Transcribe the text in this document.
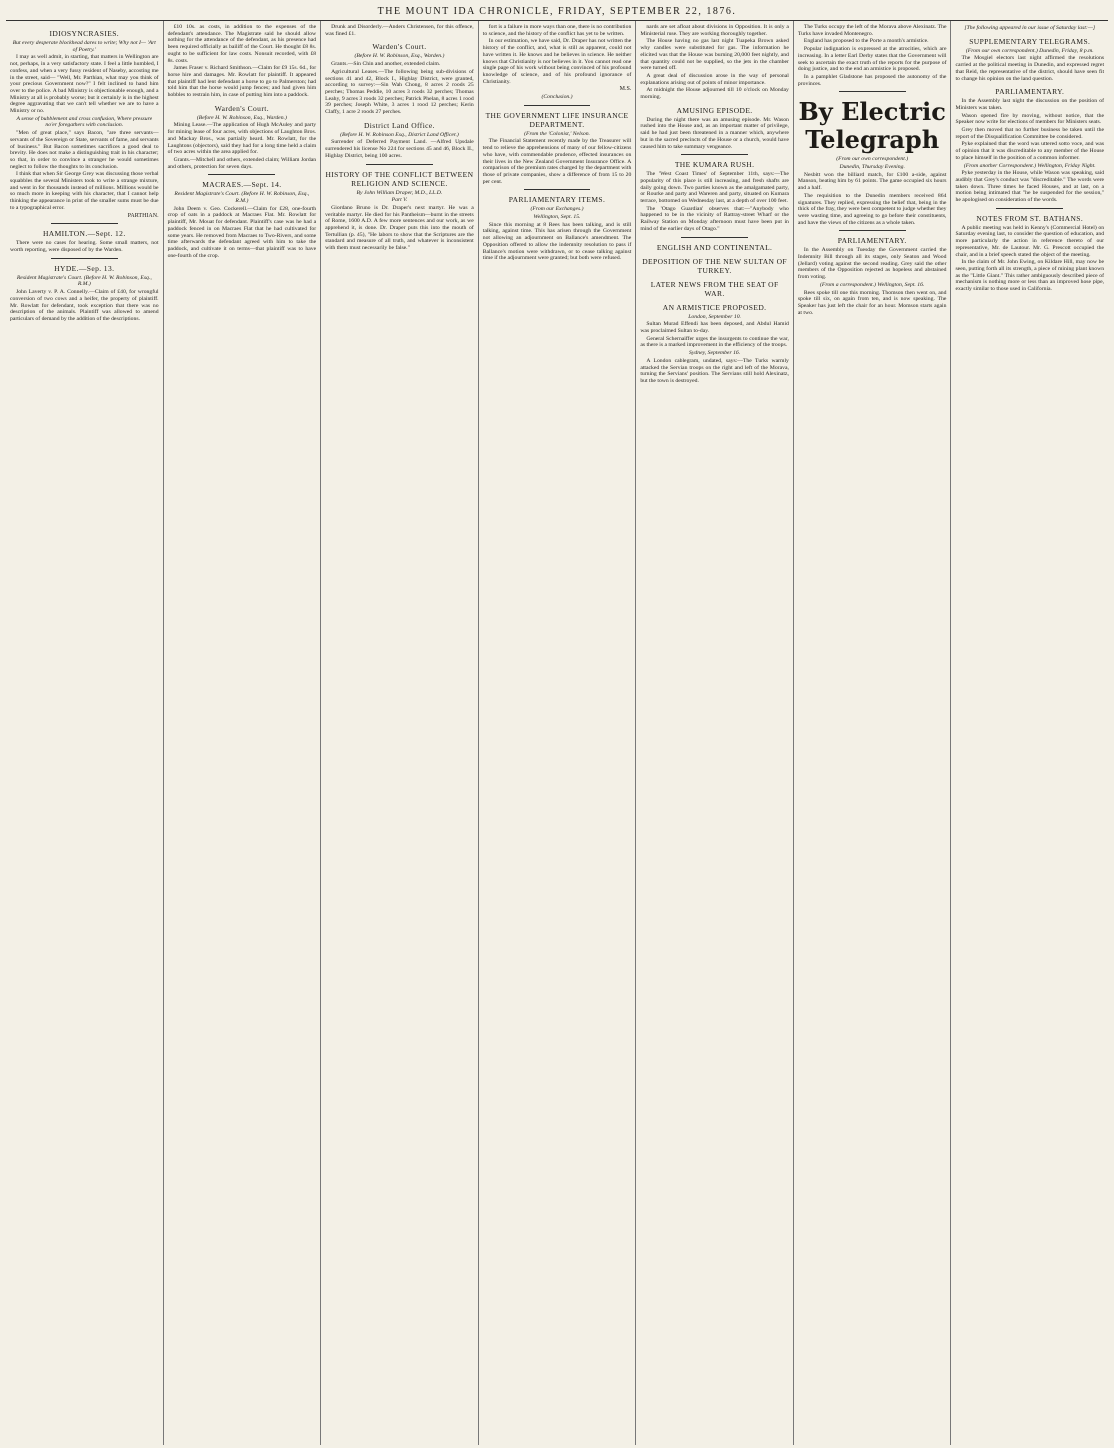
THE MOUNT IDA CHRONICLE, FRIDAY, SEPTEMBER 22, 1876.
IDIOSYNCRASIES.
But every desperate blockhead dares to write; Why not I— 'Art of Poetry.'

I may as well admit, in starting, that matters in Wellington are not, perhaps, in a very satisfactory state. I feel a little humbled, I confess, and when a very fussy resident of Naseby, accosting me in the street, said— "Well, Mr. Parthian, what may you think of your precious Government now?" I felt inclined to hand him over to the police. A bad Ministry is objectionable enough, and a Ministry at all is probably worse; but it certainly is in the highest degree aggravating that we can't tell whether we are to have a Ministry or no.

A sense of bubblement and cross confusion, Where pressure no'er foregathers with conclusion.

"Men of great place," says Bacon, "are three servants—servants of the Sovereign or State, servants of fame, and servants of business." But Bacon sometimes sacrifices a good deal to brevity. He does not make a distinguishing trait in his character; so that, in order to convince a stranger he would sometimes neglect to follow the thoughts to its conclusion.

I think that when Sir George Grey was discussing those verbal squabbles the several Ministers took to write a strange mixture, and went in for thousands instead of millions. Millions would be so much more in keeping with his character, that I cannot help thinking the appearance in print of the smaller sums must be due to a typographical error.

PARTHIAN.
HAMILTON.—Sept. 12.

There were no cases for hearing. Some small matters, not worth reporting, were disposed of by the Warden.

HYDE.—Sep. 13.
Resident Magistrate's Court. (Before H. W. Robinson, Esq., R.M.)

John Laverty v. P. A. Connelly.—Claim of £40, for wrongful conversion of two cows and a heifer, the property of plaintiff. Mr. Rowlatt for defendant, took exception that there was no description of the animals. Plaintiff was allowed to amend particulars of demand by the addition of the descriptions.

£10 10s. as costs, in addition to the expenses of the defendant's attendance. The Magistrate said he should allow nothing for the attendance of the defendant, as his presence had been required officially as bailiff of the Court. He thought £8 8s. ought to be sufficient for law costs. Nonsuit recorded, with £8 8s. costs.

James Fraser v. Richard Smithson.—Claim for £9 15s. 6d., for horse hire and damages. Mr. Rowlatt for plaintiff. It appeared that plaintiff had lent defendant a horse to go to Palmerston; had told him that the horse would jump fences; and had given him hobbles to restrain him, in case of putting him into a paddock.

Warden's Court.
(Before H. W. Robinson, Esq., Warden.)

Mining Lease.—The application of Hugh McAuley and party for mining lease of four acres, with objections of Laughton Bros. and Mackay Bros., was partially heard. Mr. Rowlatt, for the Laughtons (objectors), said they had for a long time held a claim of two acres within the area applied for.

Grants.—Mitchell and others, extended claim; William Jordan and others, protection for seven days.

MACRAES.—Sept. 14.
Resident Magistrate's Court. (Before H. W. Robinson, Esq., R.M.)

John Deem v. Geo. Cockerell.—Claim for £28, one-fourth crop of oats in a paddock at Macraes Flat. Mr. Rowlatt for plaintiff, Mr. Mouat for defendant. Plaintiff's case was he had a paddock fenced in on Macraes Flat that he had cultivated for some years. He removed from Macraes to Two-Rivers, and some time afterwards the defendant agreed with him to take the paddock, and cultivate it on terms—that plaintiff was to have one-fourth of the crop.

Drunk and Disorderly.—Anders Christensen, for this offence, was fined £1.

Warden's Court.
(Before H. W. Robinson, Esq., Warden.)

Grants.—Sin Chin and another, extended claim.

Agricultural Leases.—The following being sub-divisions of sections 41 and 42, Block I., Highlay District, were granted, according to survey:—Sin Wah Chong, 8 acres 2 roods 25 perches; Thomas Peddie, 10 acres 3 roods 32 perches; Thomas Leahy, 9 acres 3 roods 32 perches; Patrick Phelan, 8 acres 1 rood 39 perches; Joseph White, 3 acres 1 rood 12 perches; Kerin Claffy, 1 acre 2 roods 27 perches.

District Land Office.
(Before H. W. Robinson Esq., District Land Officer.)

Surrender of Deferred Payment Land. —Alfred Upsdale surrendered his license No 224 for sections 45 and 46, Block II., Highlay District, being 100 acres.

HISTORY OF THE CONFLICT BETWEEN RELIGION AND SCIENCE.
By John William Draper, M.D., LL.D.
Part V.

Giordano Bruno is Dr. Draper's next martyr. He was a veritable martyr. He died for his Pantheism—burnt in the streets of Rome, 1600 A.D. A few more sentences and our work, as we apprehend it, is done. Dr. Draper puts this into the mouth of Tertullian (p. 45), "He labors to show that the Scriptures are the standard and measure of all truth, and whatever is inconsistent with them must necessarily be false."

fort is a failure in more ways than one, there is no contribution to science, and the history of the conflict has yet to be written.

In our estimation, we have said, Dr. Draper has not written the history of the conflict, and, what is still as apparent, could not have written it. He knows and he believes in science. He neither knows that Christianity is nor believes in it. You cannot read one single page of his work without being convinced of his profound knowledge of science, and of his profound ignorance of Christianity.

M.S.
(Conclusion.)
THE GOVERNMENT LIFE INSURANCE DEPARTMENT.
(From the 'Colonist,' Nelson.

The Financial Statement recently made by the Treasurer will tend to relieve the apprehensions of many of our fellow-citizens who have, with commendable prudence, effected insurances on their lives in the New Zealand Government Insurance Office. A comparison of the premium rates charged by the department with those of private companies, show a difference of from 15 to 20 per cent.

PARLIAMENTARY ITEMS.
(From our Exchanges.)
Wellington, Sept. 15.

Since this morning at 8 Rees has been talking, and is still talking, against time. This has arisen through the Government not allowing an adjournment on Ballance's amendment. The Opposition offered to allow the indemnity resolution to pass if Ballance's motion were withdrawn, or to cease talking against time if the adjournment were granted; but both were refused.

nards are set afloat about divisions in Opposition. It is only a Ministerial ruse. They are working thoroughly together.

The House having no gas last night Tuapeka Brown asked why candles were substituted for gas. The information he elicited was that the House was burning 20,000 feet nightly, and that quantity could not be supplied, so the jets in the chamber were turned off.

A great deal of discussion arose in the way of personal explanations arising out of points of minor importance.

At midnight the House adjourned till 10 o'clock on Monday morning.

AMUSING EPISODE.

During the night there was an amusing episode. Mr. Wason rushed into the House and, as an important matter of privilege, said he had just been threatened in a manner which, anywhere but in the sacred precincts of the House or a church, would have caused him to take summary vengeance.

THE KUMARA RUSH.

The 'West Coast Times' of September 11th, says:—The popularity of this place is still increasing, and fresh shafts are daily going down. Two parties known as the amalgamated party, or Rourke and party and Wareren and party, situated on Kumara terrace, bottomed on Wednesday last, at a depth of over 100 feet.

The 'Otago Guardian' observes that:—"Anybody who happened to be in the vicinity of Rattray-street Wharf or the Railway Station on Monday afternoon must have been put in mind of the earlier days of Otago."

ENGLISH AND CONTINENTAL.
DEPOSITION OF THE NEW SULTAN OF TURKEY.
LATER NEWS FROM THE SEAT OF WAR.
AN ARMISTICE PROPOSED.
London, September 10.

Sultan Murad Effendi has been deposed, and Abdul Hamid was proclaimed Sultan to-day.

General Schernaiffer urges the insurgents to continue the war, as there is a marked improvement in the efficiency of the troops.

Sydney, September 16.

A London cablegram, undated, says:—The Turks warmly attacked the Servian troops on the right and left of the Morava, turning the Servians' position. The Servians still hold Alexinatz, but the town is destroyed.

The Turks occupy the left of the Morava above Alexinatz. The Turks have invaded Montenegro.

England has proposed to the Porte a month's armistice.

Popular indignation is expressed at the atrocities, which are increasing. In a letter Earl Derby states that the Government will seek to ascertain the exact truth of the reports for the purpose of doing justice, and to the end an armistice is proposed.

In a pamphlet Gladstone has proposed the autonomy of the provinces.

By Electric Telegraph
(From our own correspondent.)
Dunedin, Thursday Evening.

Nesbitt won the billiard match, for £100 a-side, against Manson, beating him by 61 points. The game occupied six hours and a half.

The requisition to the Dunedin members received 864 signatures. They replied, expressing the belief that, being in the thick of the fray, they were best competent to judge whether they were wasting time, and agreeing to go before their constituents, and have the views of the citizens as a whole taken.

PARLIAMENTARY.

In the Assembly on Tuesday the Government carried the Indemnity Bill through all its stages, only Seaton and Wood (Jellard) voting against the second reading. Grey said the other members of the Opposition rejected as hopeless and abstained from voting.

(From a correspondent.) Wellington, Sept. 16.

Rees spoke till one this morning. Thomson then went on, and spoke till six, on again from ten, and is now speaking. The Speaker has just left the chair for an hour. Momson starts again at two.

[The following appeared in our issue of Saturday last:—]
SUPPLEMENTARY TELEGRAMS.
(From our own correspondent.) Dunedin, Friday, 8 p.m.

The Mosgiel electors last night affirmed the resolutions carried at the political meeting in Dunedin, and expressed regret that Reid, the representative of the district, should have seen fit to change his opinion on the land question.

PARLIAMENTARY.

In the Assembly last night the discussion on the position of Ministers was taken.

Wason opened fire by moving, without notice, that the Speaker now write for elections of members for Ministers seats.

Grey then moved that no further business be taken until the report of the Disqualification Committee be considered.

Pyke explained that the word was uttered sotto voce, and was of opinion that it was discreditable to any member of the House to place himself in the position of a common informer.

(From another Correspondent.) Wellington, Friday Night.

Pyke yesterday in the House, while Wason was speaking, said audibly that Grey's conduct was "discreditable." The words were taken down. Three times he faced Houses, and at last, on a motion being intimated that "he be suspended for the session," he apologised on consideration of the words.

NOTES FROM ST. BATHANS.

A public meeting was held in Kenny's (Commercial Hotel) on Saturday evening last, to consider the question of education, and more particularly the action in reference thereto of our representative, Mr. de Lautour. Mr. G. Prescott occupied the chair, and in a brief speech stated the object of the meeting.

In the claim of Mr. John Ewing, on Kildare Hill, may now be seen, putting forth all its strength, a piece of mining plant known as the "Little Giant." This rather ambiguously described piece of mechanism is nothing more or less than an improved hose pipe, exactly similar to those used in California.
